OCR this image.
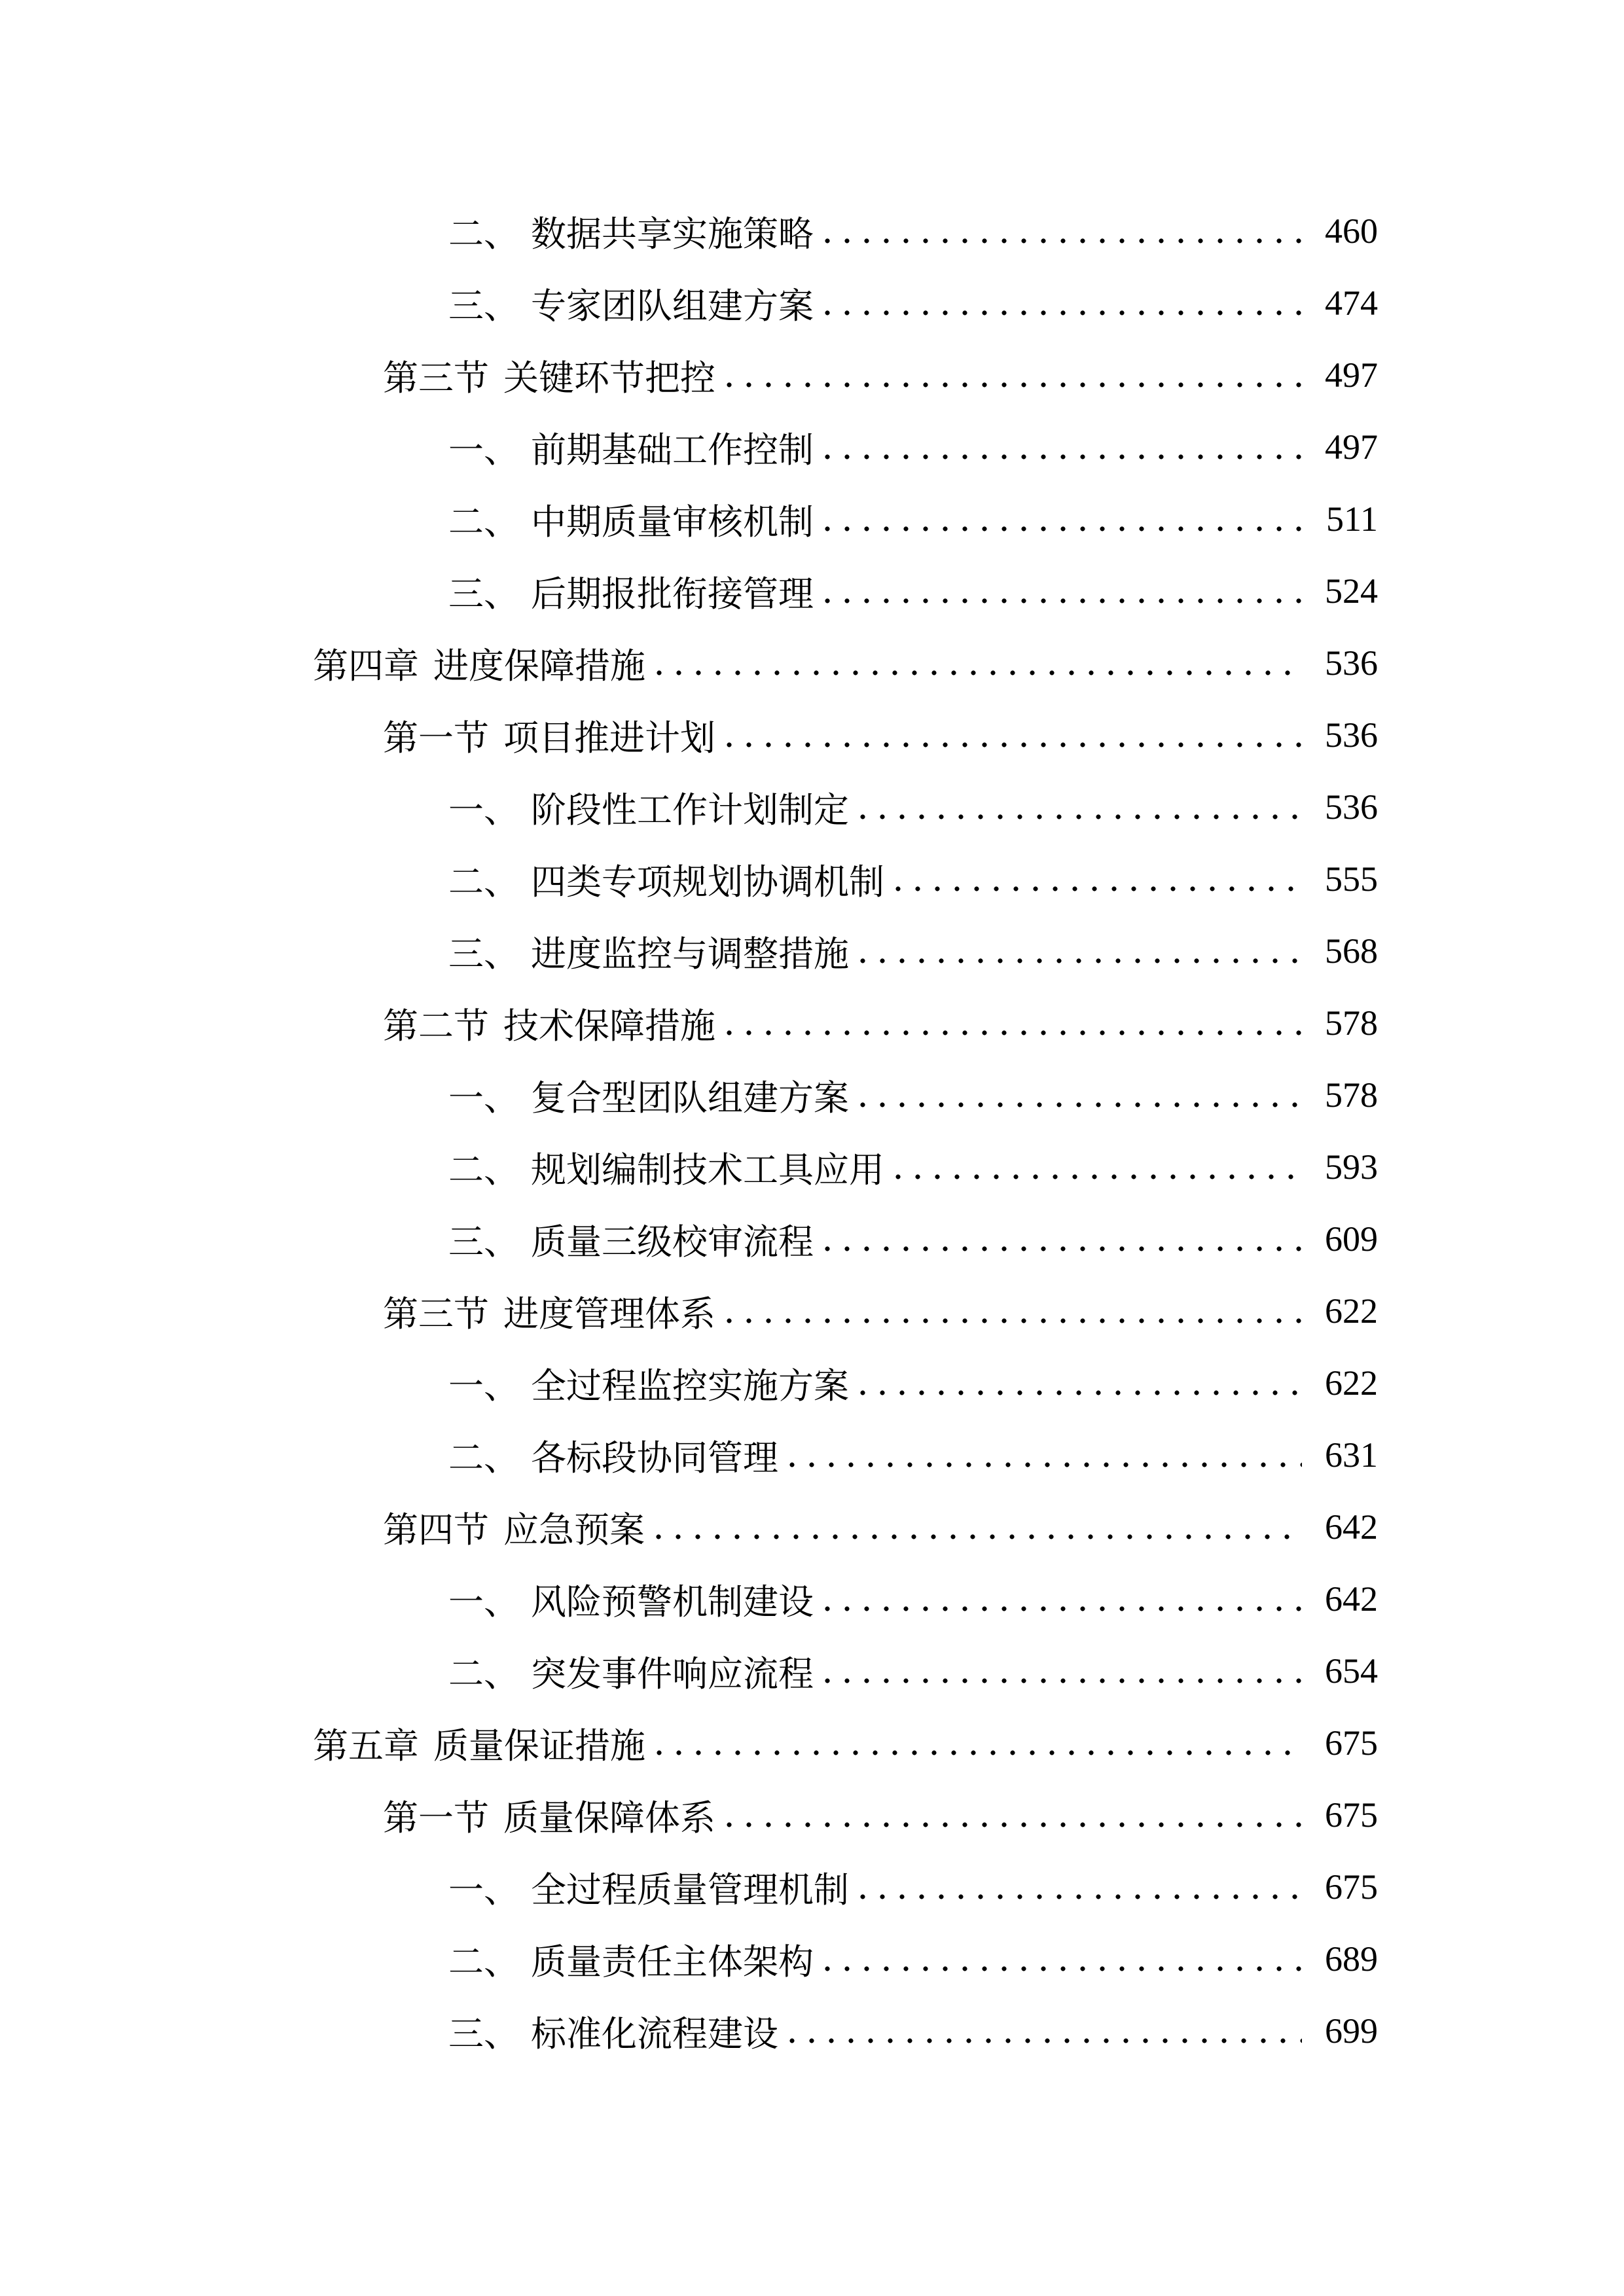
二、 数据共享实施策略	460
三、 专家团队组建方案	474
第三节 关键环节把控	497
一、 前期基础工作控制	497
二、 中期质量审核机制	511
三、 后期报批衔接管理	524
第四章 进度保障措施	536
第一节 项目推进计划	536
一、 阶段性工作计划制定	536
二、 四类专项规划协调机制	555
三、 进度监控与调整措施	568
第二节 技术保障措施	578
一、 复合型团队组建方案	578
二、 规划编制技术工具应用	593
三、 质量三级校审流程	609
第三节 进度管理体系	622
一、 全过程监控实施方案	622
二、 各标段协同管理	631
第四节 应急预案	642
一、 风险预警机制建设	642
二、 突发事件响应流程	654
第五章 质量保证措施	675
第一节 质量保障体系	675
一、 全过程质量管理机制	675
二、 质量责任主体架构	689
三、 标准化流程建设	699
